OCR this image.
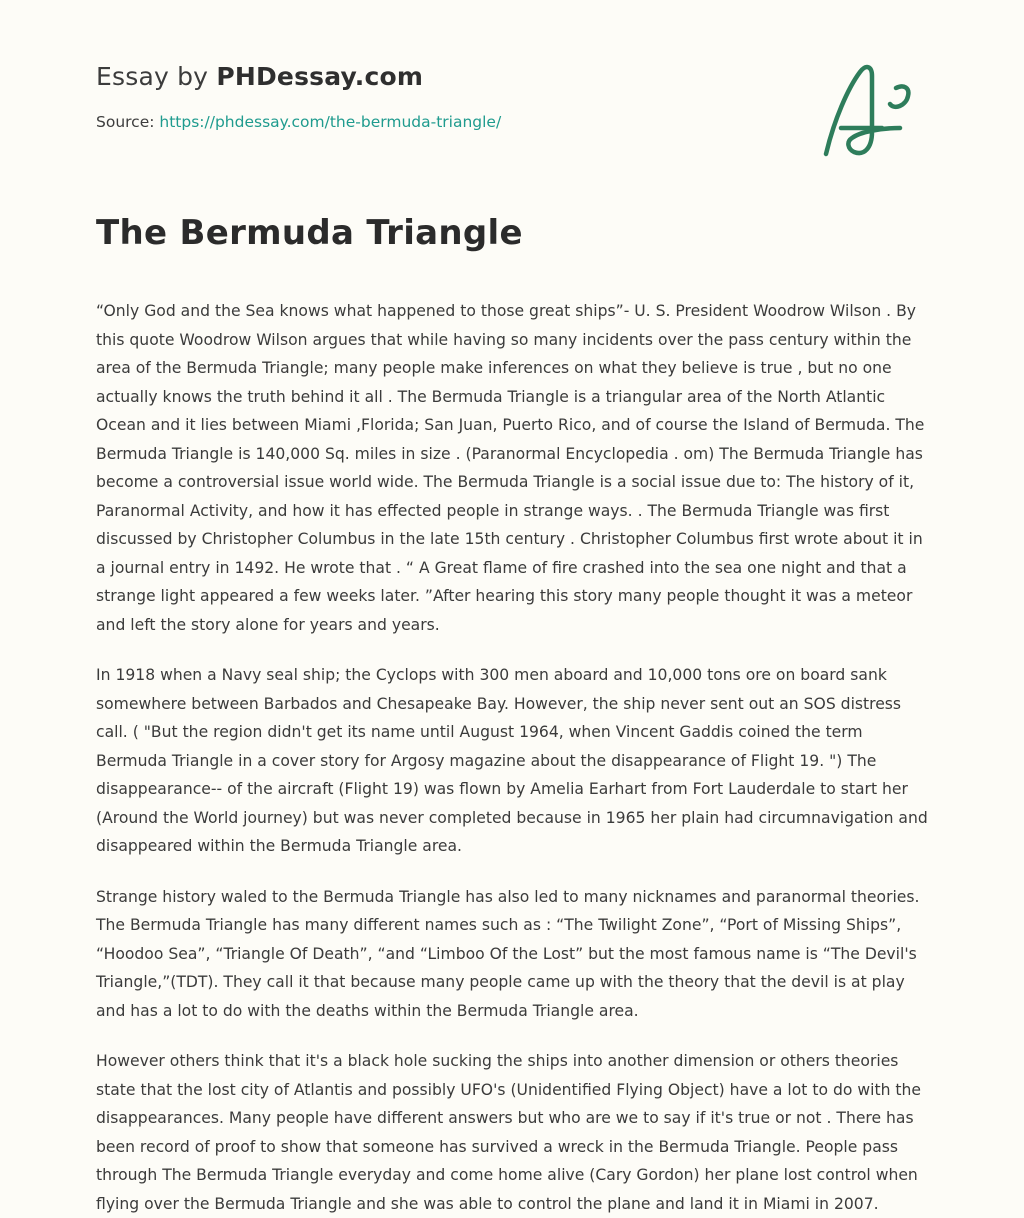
Essay by PHDessay.com
Source: https://phdessay.com/the-bermuda-triangle/
The Bermuda Triangle

“Only God and the Sea knows what happened to those great ships”- U. S. President Woodrow Wilson . By this quote Woodrow Wilson argues that while having so many incidents over the pass century within the area of the Bermuda Triangle; many people make inferences on what they believe is true , but no one actually knows the truth behind it all . The Bermuda Triangle is a triangular area of the North Atlantic Ocean and it lies between Miami ,Florida; San Juan, Puerto Rico, and of course the Island of Bermuda. The Bermuda Triangle is 140,000 Sq. miles in size . (Paranormal Encyclopedia . om) The Bermuda Triangle has become a controversial issue world wide. The Bermuda Triangle is a social issue due to: The history of it, Paranormal Activity, and how it has effected people in strange ways. . The Bermuda Triangle was first discussed by Christopher Columbus in the late 15th century . Christopher Columbus first wrote about it in a journal entry in 1492. He wrote that . “ A Great flame of fire crashed into the sea one night and that a strange light appeared a few weeks later. ”After hearing this story many people thought it was a meteor and left the story alone for years and years.

In 1918 when a Navy seal ship; the Cyclops with 300 men aboard and 10,000 tons ore on board sank somewhere between Barbados and Chesapeake Bay. However, the ship never sent out an SOS distress call. ( "But the region didn't get its name until August 1964, when Vincent Gaddis coined the term Bermuda Triangle in a cover story for Argosy magazine about the disappearance of Flight 19. ") The disappearance-- of the aircraft (Flight 19) was flown by Amelia Earhart from Fort Lauderdale to start her (Around the World journey) but was never completed because in 1965 her plain had circumnavigation and disappeared within the Bermuda Triangle area.

Strange history waled to the Bermuda Triangle has also led to many nicknames and paranormal theories. The Bermuda Triangle has many different names such as : “The Twilight Zone”, “Port of Missing Ships”, “Hoodoo Sea”, “Triangle Of Death”, “and “Limboo Of the Lost” but the most famous name is “The Devil's Triangle,”(TDT). They call it that because many people came up with the theory that the devil is at play and has a lot to do with the deaths within the Bermuda Triangle area.

However others think that it's a black hole sucking the ships into another dimension or others theories state that the lost city of Atlantis and possibly UFO's (Unidentified Flying Object) have a lot to do with the disappearances. Many people have different answers but who are we to say if it's true or not . There has been record of proof to show that someone has survived a wreck in the Bermuda Triangle. People pass through The Bermuda Triangle everyday and come home alive (Cary Gordon) her plane lost control when flying over the Bermuda Triangle and she was able to control the plane and land it in Miami in 2007.
